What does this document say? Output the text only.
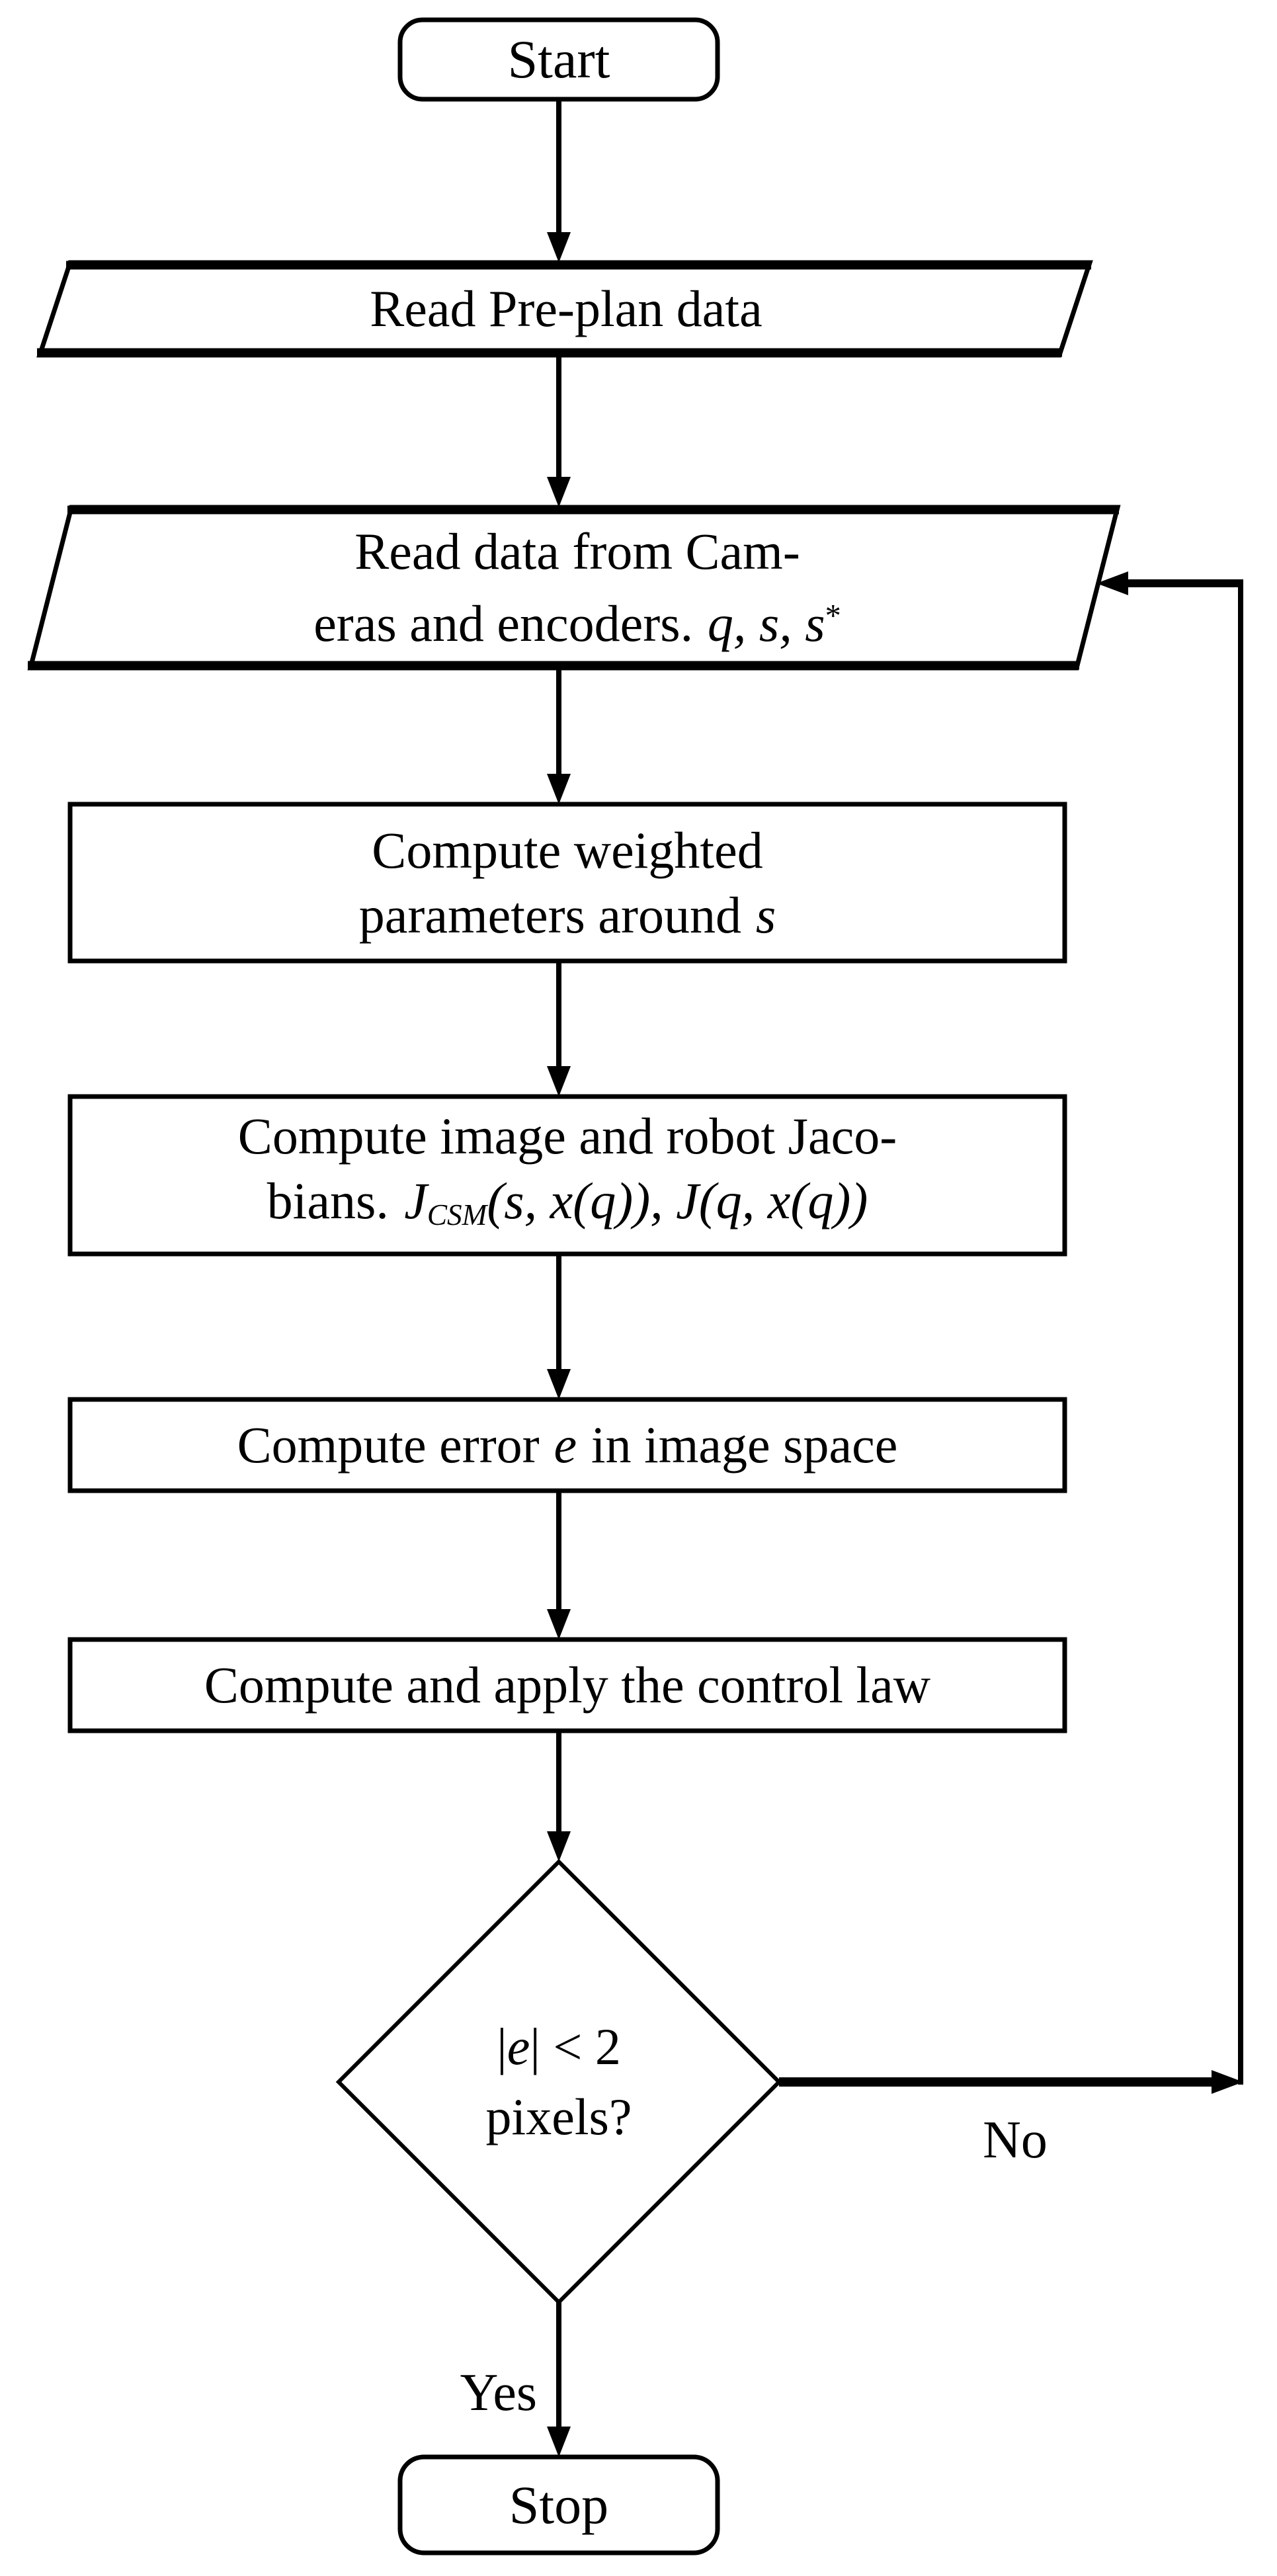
Start
Read Pre-plan data
Read data from Cam-
eras and encoders. q, s, s*
Compute weighted
parameters around s
Compute image and robot Jaco-
bians. $J_{CSM}(s$, x(q)), J(q, x(q))
Compute error e in image space
Compute and apply the control law
|e| < 2
pixels?	No
Yes
Stop
